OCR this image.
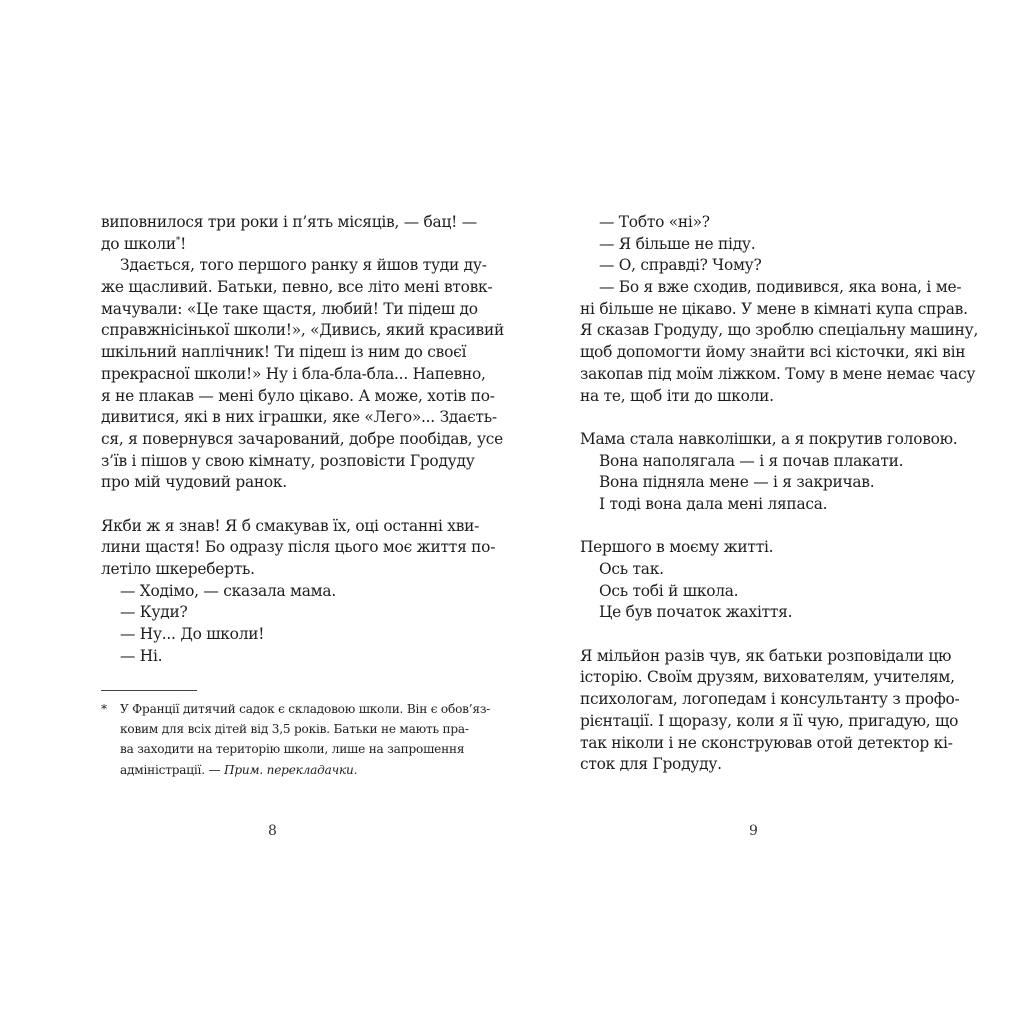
виповнилося три роки і п’ять місяців, — бац! —
до школи*!
Здається, того першого ранку я йшов туди ду-
же щасливий. Батьки, певно, все літо мені втовк-
мачували: «Це таке щастя, любий! Ти підеш до
справжнісінької школи!», «Дивись, який красивий
шкільний наплічник! Ти підеш із ним до своєї
прекрасної школи!» Ну і бла-бла-бла... Напевно,
я не плакав — мені було цікаво. А може, хотів по-
дивитися, які в них іграшки, яке «Лего»... Здаєть-
ся, я повернувся зачарований, добре пообідав, усе
з’їв і пішов у свою кімнату, розповісти Гродуду
про мій чудовий ранок.
Якби ж я знав! Я б смакував їх, оці останні хви-
лини щастя! Бо одразу після цього моє життя по-
летіло шкереберть.
— Ходімо, — сказала мама.
— Куди?
— Ну... До школи!
— Ні.
* У Франції дитячий садок є складовою школи. Він є обов’яз-
ковим для всіх дітей від 3,5 років. Батьки не мають пра-
ва заходити на територію школи, лише на запрошення
адміністрації. — Прим. перекладачки.
8
— Тобто «ні»?
— Я більше не піду.
— О, справді? Чому?
— Бо я вже сходив, подивився, яка вона, і ме-
ні більше не цікаво. У мене в кімнаті купа справ.
Я сказав Гродуду, що зроблю спеціальну машину,
щоб допомогти йому знайти всі кісточки, які він
закопав під моїм ліжком. Тому в мене немає часу
на те, щоб іти до школи.
Мама стала навколішки, а я покрутив головою.
Вона наполягала — і я почав плакати.
Вона підняла мене — і я закричав.
І тоді вона дала мені ляпаса.
Першого в моєму житті.
Ось так.
Ось тобі й школа.
Це був початок жахіття.
Я мільйон разів чув, як батьки розповідали цю
історію. Своїм друзям, вихователям, учителям,
психологам, логопедам і консультанту з профо-
рієнтації. І щоразу, коли я її чую, пригадую, що
так ніколи і не сконструював отой детектор кі-
сток для Гродуду.
9
